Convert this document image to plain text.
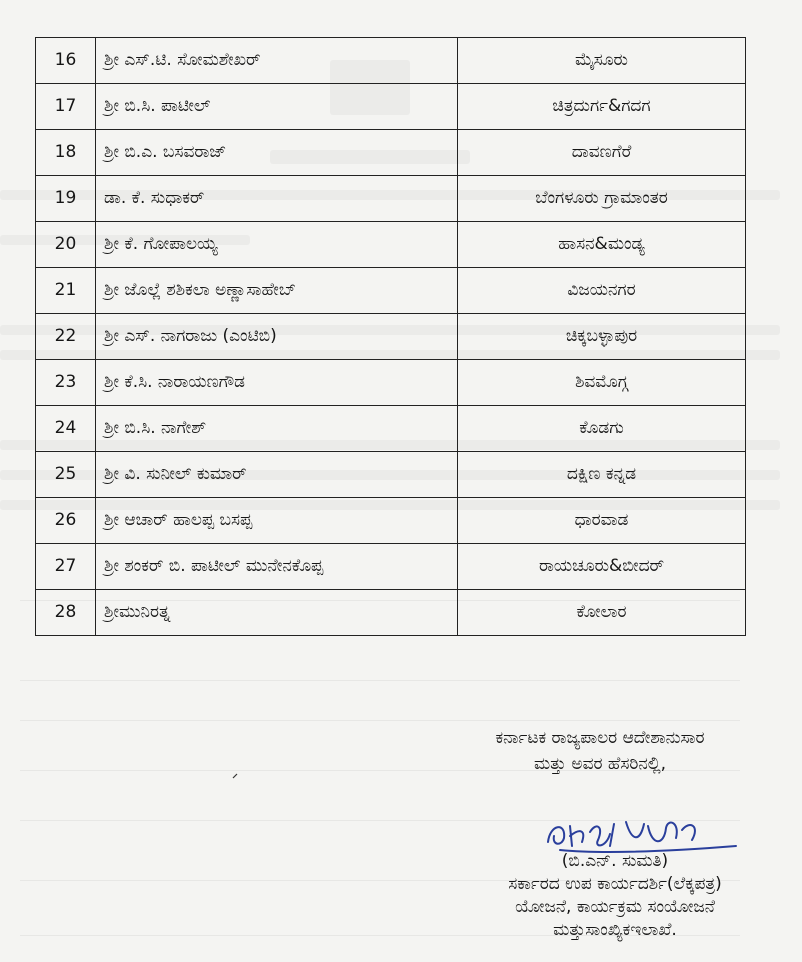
16	ಶ್ರೀ ಎಸ್.ಟಿ. ಸೋಮಶೇಖರ್	ಮೈಸೂರು
17	ಶ್ರೀ ಬಿ.ಸಿ. ಪಾಟೀಲ್	ಚಿತ್ರದುರ್ಗ&ಗದಗ
18	ಶ್ರೀ ಬಿ.ಎ. ಬಸವರಾಜ್	ದಾವಣಗೆರೆ
19	ಡಾ. ಕೆ. ಸುಧಾಕರ್	ಬೆಂಗಳೂರು ಗ್ರಾಮಾಂತರ
20	ಶ್ರೀ ಕೆ. ಗೋಪಾಲಯ್ಯ	ಹಾಸನ&ಮಂಡ್ಯ
21	ಶ್ರೀ ಜೊಲ್ಲೆ ಶಶಿಕಲಾ ಅಣ್ಣಾಸಾಹೇಬ್	ವಿಜಯನಗರ
22	ಶ್ರೀ ಎಸ್. ನಾಗರಾಜು (ಎಂಟಿಬಿ)	ಚಿಕ್ಕಬಳ್ಳಾಪುರ
23	ಶ್ರೀ ಕೆ.ಸಿ. ನಾರಾಯಣಗೌಡ	ಶಿವಮೊಗ್ಗ
24	ಶ್ರೀ ಬಿ.ಸಿ. ನಾಗೇಶ್	ಕೊಡಗು
25	ಶ್ರೀ ವಿ. ಸುನೀಲ್ ಕುಮಾರ್	ದಕ್ಷಿಣ ಕನ್ನಡ
26	ಶ್ರೀ ಆಚಾರ್ ಹಾಲಪ್ಪ ಬಸಪ್ಪ	ಧಾರವಾಡ
27	ಶ್ರೀ ಶಂಕರ್ ಬಿ. ಪಾಟೀಲ್ ಮುನೇನಕೊಪ್ಪ	ರಾಯಚೂರು&ಬೀದರ್
28	ಶ್ರೀಮುನಿರತ್ನ	ಕೋಲಾರ
ಕರ್ನಾಟಕ ರಾಜ್ಯಪಾಲರ ಆದೇಶಾನುಸಾರ
ಮತ್ತು ಅವರ ಹೆಸರಿನಲ್ಲಿ,
(ಬಿ.ಎನ್. ಸುಮತಿ)
ಸರ್ಕಾರದ ಉಪ ಕಾರ್ಯದರ್ಶಿ(ಲೆಕ್ಕಪತ್ರ)
ಯೋಜನೆ, ಕಾರ್ಯಕ್ರಮ ಸಂಯೋಜನೆ
ಮತ್ತುಸಾಂಖ್ಯಿಕಇಲಾಖೆ.
